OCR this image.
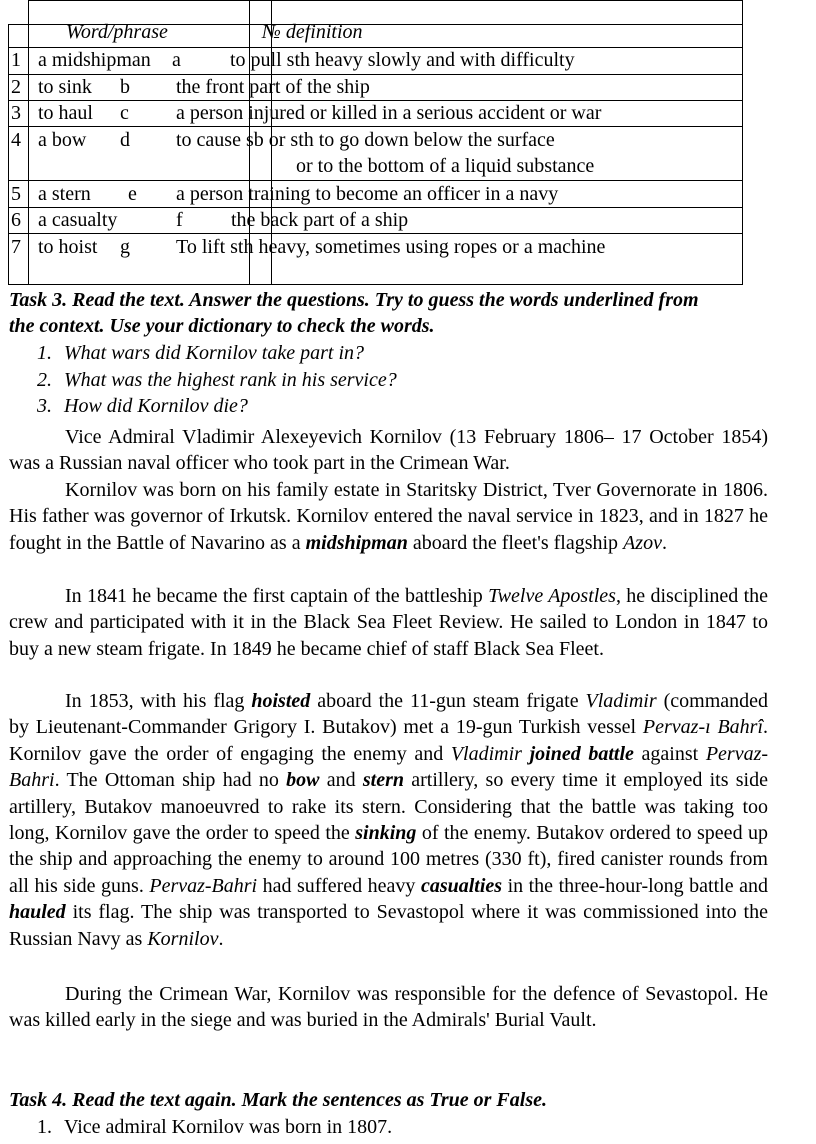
Word/phrase	№ definition
1 a midshipman a to pull sth heavy slowly and with difficulty
2 to sink b the front part of the ship
3 to haul c a person injured or killed in a serious accident or war
4 a bow d to cause sb or sth to go down below the surface
or to the bottom of a liquid substance
5 a stern e a person training to become an officer in a navy
6 a casualty	f the back part of a ship
7 to hoist g To lift sth heavy, sometimes using ropes or a machine
Task 3. Read the text. Answer the questions. Try to guess the words underlined from
the context. Use your dictionary to check the words.
1. What wars did Kornilov take part in?
2. What was the highest rank in his service?
3. How did Kornilov die?
Vice Admiral Vladimir Alexeyevich Kornilov (13 February 1806– 17 October 1854) was a Russian naval officer who took part in the Crimean War.
Kornilov was born on his family estate in Staritsky District, Tver Governorate in 1806. His father was governor of Irkutsk. Kornilov entered the naval service in 1823, and in 1827 he fought in the Battle of Navarino as a midshipman aboard the fleet's flagship Azov.
In 1841 he became the first captain of the battleship Twelve Apostles, he disciplined the crew and participated with it in the Black Sea Fleet Review. He sailed to London in 1847 to buy a new steam frigate. In 1849 he became chief of staff Black Sea Fleet.
In 1853, with his flag hoisted aboard the 11-gun steam frigate Vladimir (commanded by Lieutenant-Commander Grigory I. Butakov) met a 19-gun Turkish vessel Pervaz-ı Bahrî. Kornilov gave the order of engaging the enemy and Vladimir joined battle against Pervaz-Bahri. The Ottoman ship had no bow and stern artillery, so every time it employed its side artillery, Butakov manoeuvred to rake its stern. Considering that the battle was taking too long, Kornilov gave the order to speed the sinking of the enemy. Butakov ordered to speed up the ship and approaching the enemy to around 100 metres (330 ft), fired canister rounds from all his side guns. Pervaz-Bahri had suffered heavy casualties in the three-hour-long battle and hauled its flag. The ship was transported to Sevastopol where it was commissioned into the Russian Navy as Kornilov.
During the Crimean War, Kornilov was responsible for the defence of Sevastopol. He was killed early in the siege and was buried in the Admirals' Burial Vault.
Task 4. Read the text again. Mark the sentences as True or False.
1. Vice admiral Kornilov was born in 1807.
